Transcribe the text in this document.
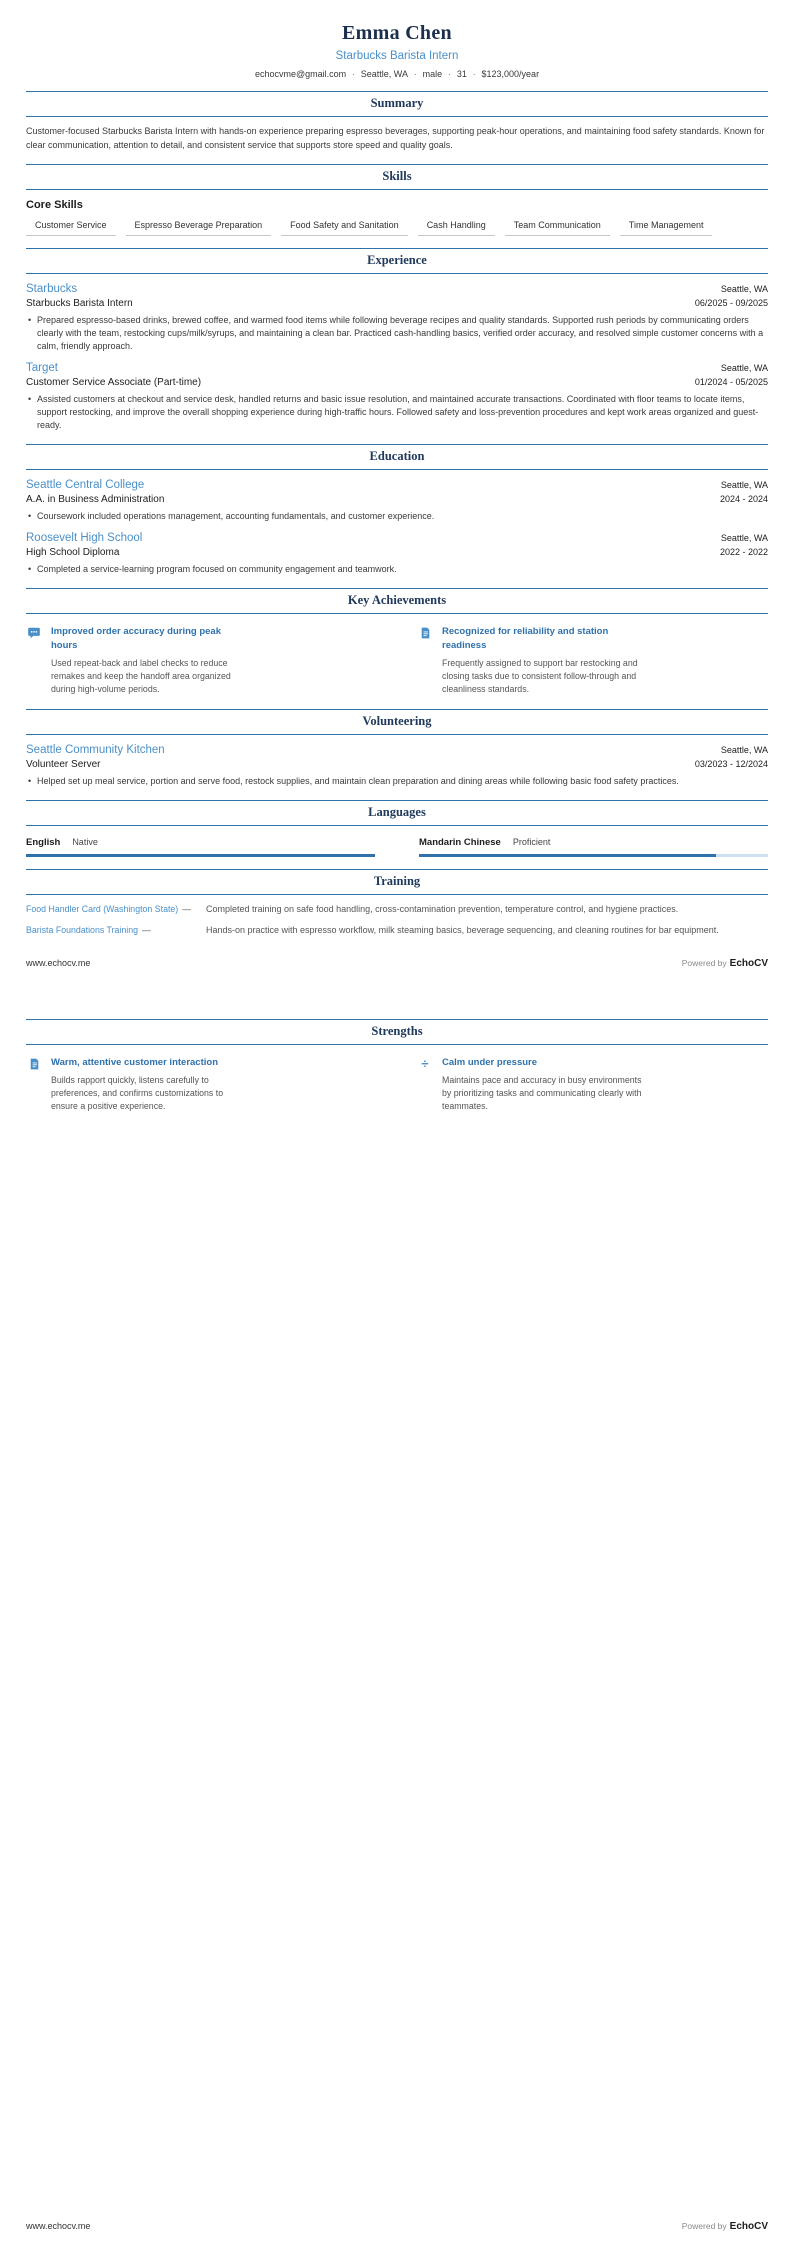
Emma Chen
Starbucks Barista Intern
echocvme@gmail.com · Seattle, WA · male · 31 · $123,000/year
Summary

Customer-focused Starbucks Barista Intern with hands-on experience preparing espresso beverages, supporting peak-hour operations, and maintaining food safety standards. Known for clear communication, attention to detail, and consistent service that supports store speed and quality goals.

Skills
Core Skills
Customer Service	Espresso Beverage Preparation	Food Safety and Sanitation	Cash Handling	Team Communication	Time Management
Experience
Starbucks	Seattle, WA
Starbucks Barista Intern	06/2025 - 09/2025
• Prepared espresso-based drinks, brewed coffee, and warmed food items while following beverage recipes and quality standards. Supported rush periods by communicating orders clearly with the team, restocking cups/milk/syrups, and maintaining a clean bar. Practiced cash-handling basics, verified order accuracy, and resolved simple customer concerns with a calm, friendly approach.
Target	Seattle, WA
Customer Service Associate (Part-time)	01/2024 - 05/2025
• Assisted customers at checkout and service desk, handled returns and basic issue resolution, and maintained accurate transactions. Coordinated with floor teams to locate items, support restocking, and improve the overall shopping experience during high-traffic hours. Followed safety and loss-prevention procedures and kept work areas organized and guest-ready.
Education
Seattle Central College	Seattle, WA
A.A. in Business Administration	2024 - 2024
• Coursework included operations management, accounting fundamentals, and customer experience.
Roosevelt High School	Seattle, WA
High School Diploma	2022 - 2022
• Completed a service-learning program focused on community engagement and teamwork.
Key Achievements
Improved order accuracy during peak hours
Used repeat-back and label checks to reduce remakes and keep the handoff area organized during high-volume periods.
Recognized for reliability and station readiness
Frequently assigned to support bar restocking and closing tasks due to consistent follow-through and cleanliness standards.
Volunteering
Seattle Community Kitchen	Seattle, WA
Volunteer Server	03/2023 - 12/2024
• Helped set up meal service, portion and serve food, restock supplies, and maintain clean preparation and dining areas while following basic food safety practices.
Languages
English Native	Mandarin Chinese Proficient
Training
Food Handler Card (Washington State) —	Completed training on safe food handling, cross-contamination prevention, temperature control, and hygiene practices.
Barista Foundations Training —	Hands-on practice with espresso workflow, milk steaming basics, beverage sequencing, and cleaning routines for bar equipment.
www.echocv.me	Powered by EchoCV
Strengths
Warm, attentive customer interaction
Builds rapport quickly, listens carefully to preferences, and confirms customizations to ensure a positive experience.
÷	Calm under pressure
Maintains pace and accuracy in busy environments by prioritizing tasks and communicating clearly with teammates.
www.echocv.me	Powered by EchoCV
